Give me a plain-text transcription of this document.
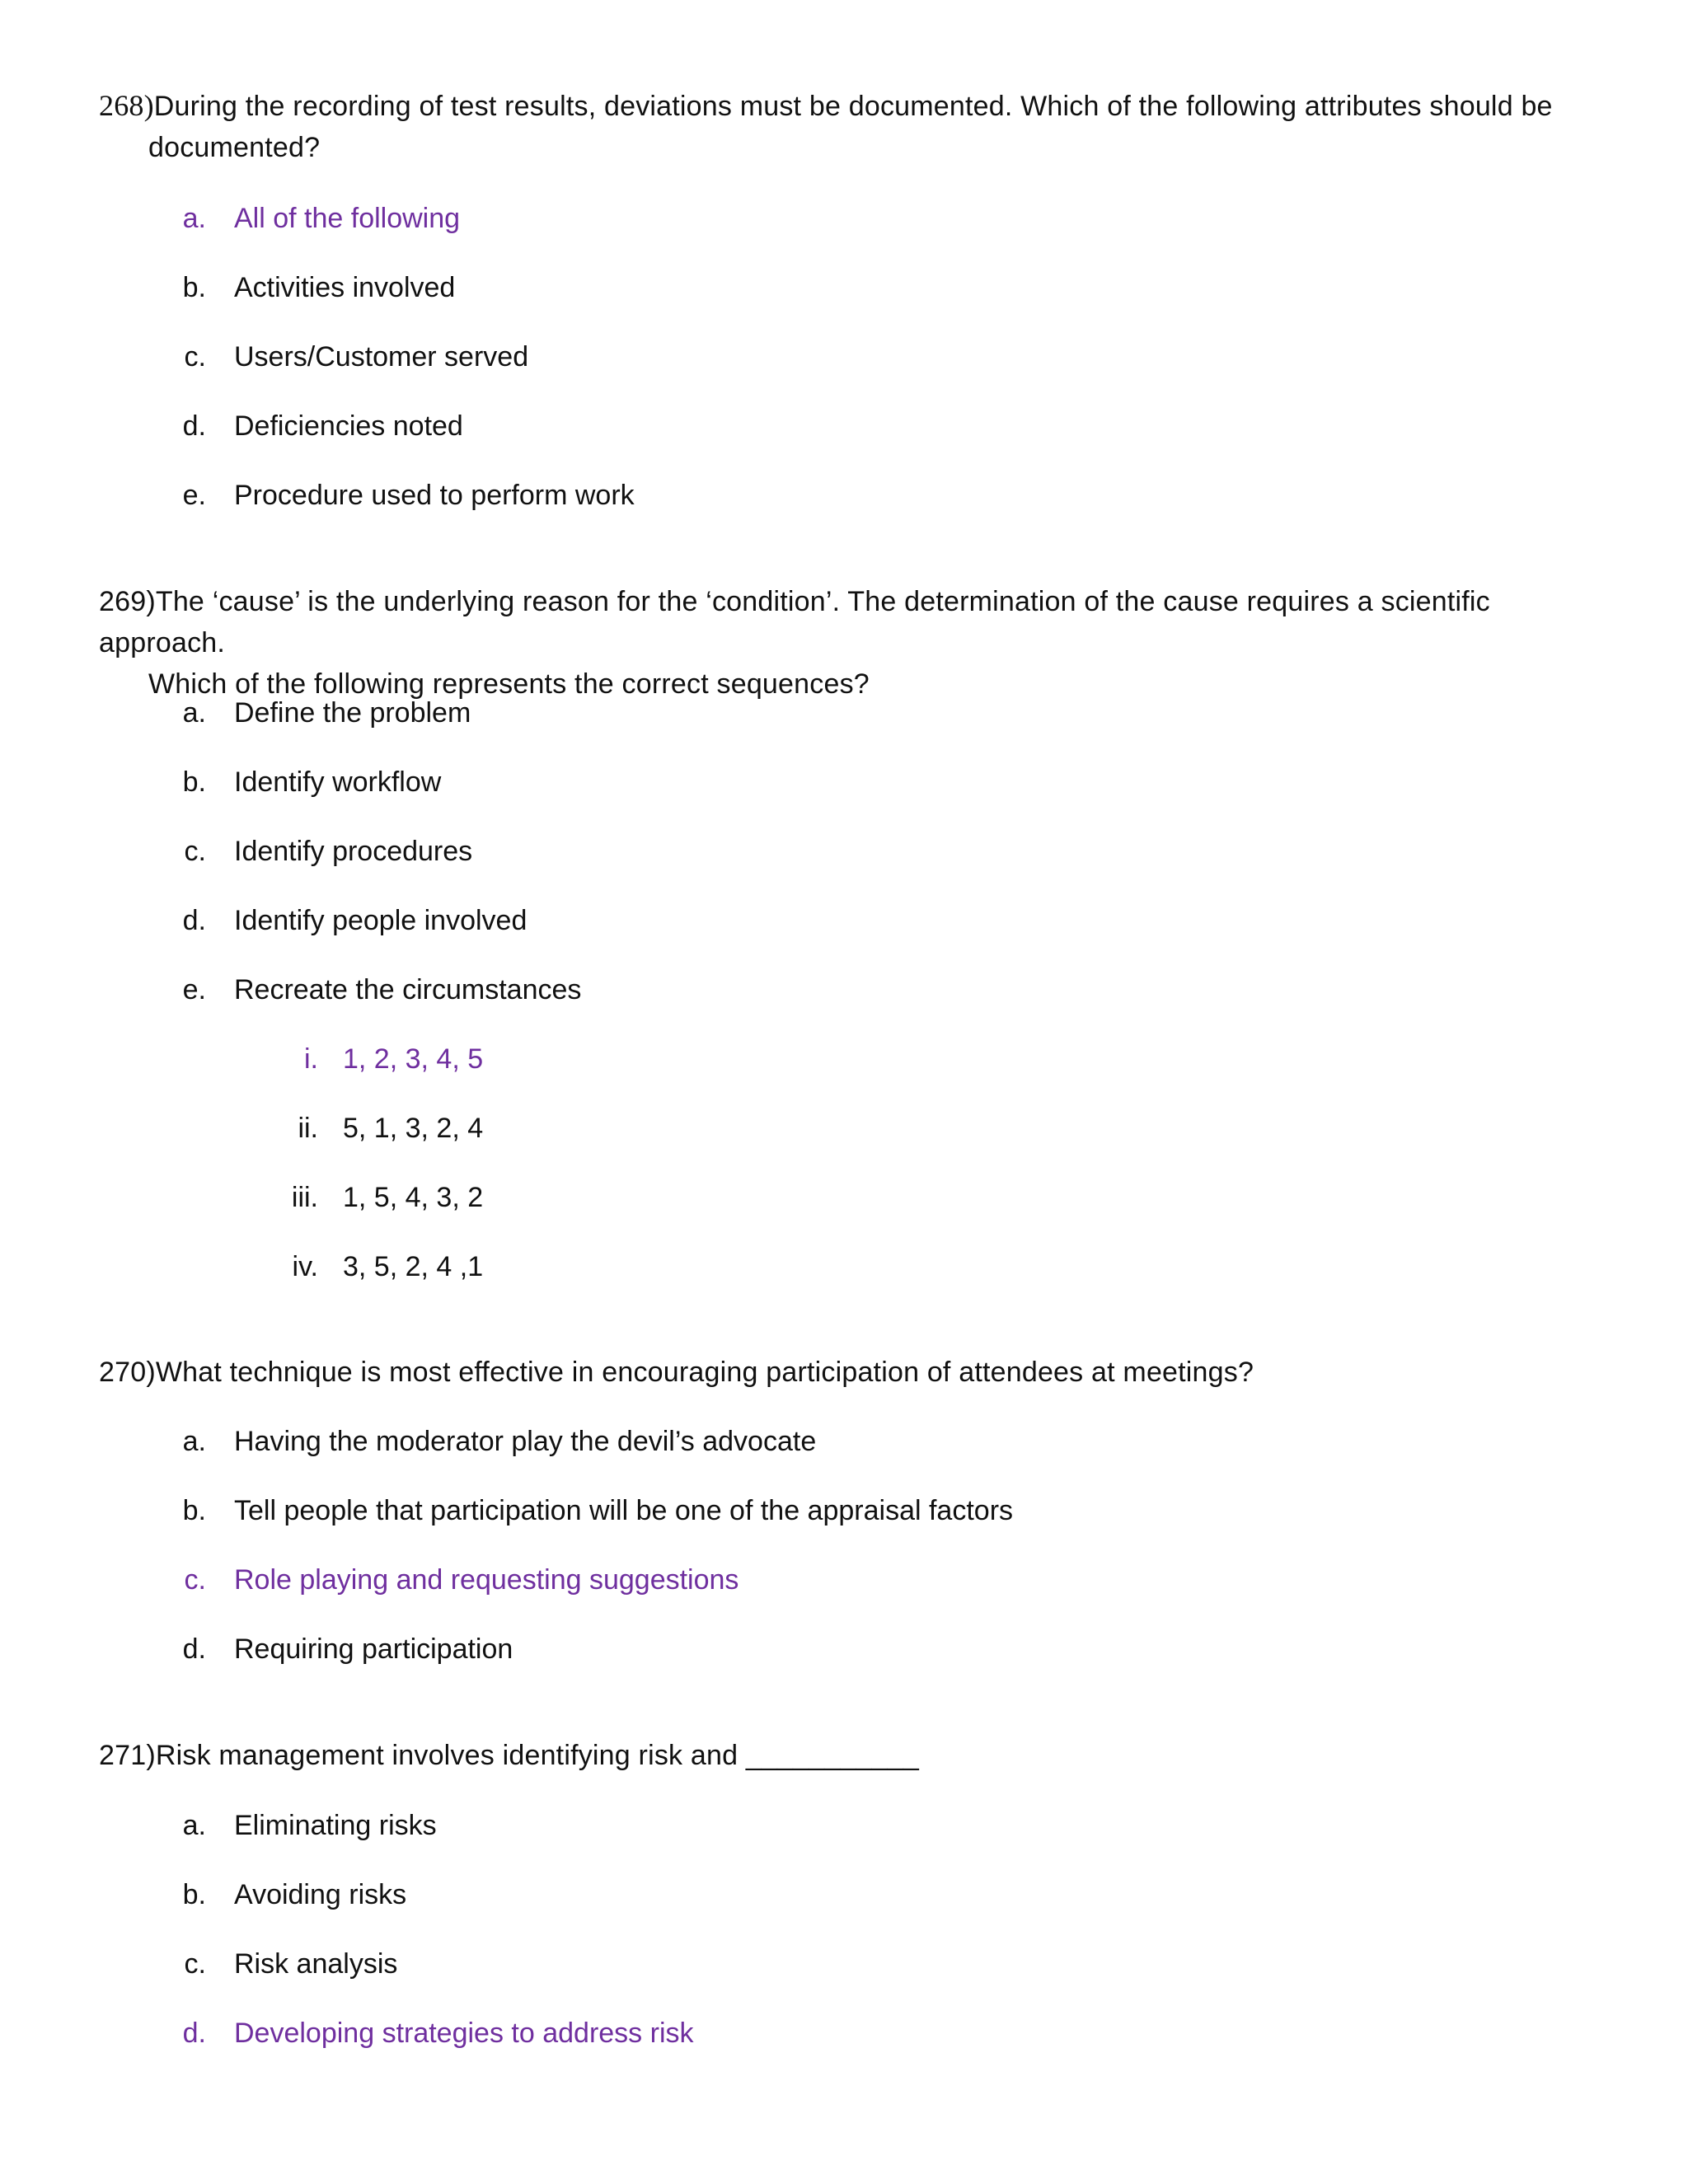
268)During the recording of test results, deviations must be documented. Which of the following attributes should be
documented?
a. All of the following
b. Activities involved
c. Users/Customer served
d. Deficiencies noted
e. Procedure used to perform work
269)The ‘cause’ is the underlying reason for the ‘condition’. The determination of the cause requires a scientific approach.
Which of the following represents the correct sequences?
a. Define the problem
b. Identify workflow
c. Identify procedures
d. Identify people involved
e. Recreate the circumstances
i. 1, 2, 3, 4, 5
ii. 5, 1, 3, 2, 4
iii. 1, 5, 4, 3, 2
iv. 3, 5, 2, 4 ,1
270)What technique is most effective in encouraging participation of attendees at meetings?
a. Having the moderator play the devil’s advocate
b. Tell people that participation will be one of the appraisal factors
c. Role playing and requesting suggestions
d. Requiring participation
271)Risk management involves identifying risk and ___________
a. Eliminating risks
b. Avoiding risks
c. Risk analysis
d. Developing strategies to address risk
